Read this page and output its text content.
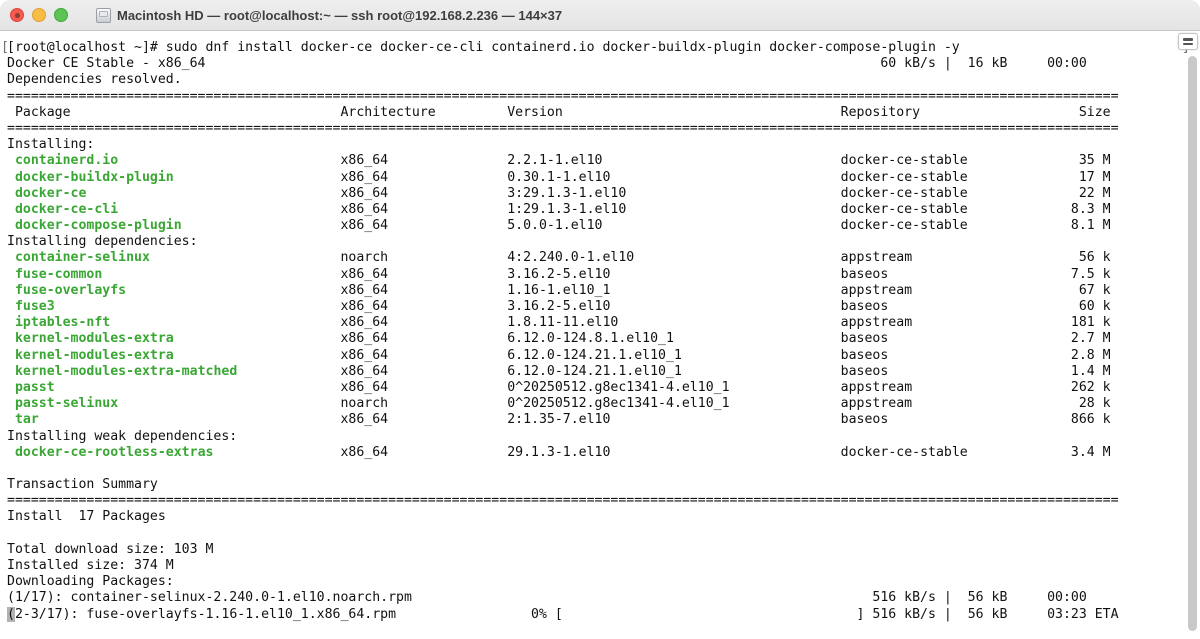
Macintosh HD — root@localhost:~ — ssh root@192.168.2.236 — 144×37
[root@localhost ~]# sudo dnf install docker-ce docker-ce-cli containerd.io docker-buildx-plugin docker-compose-plugin -y
[
Docker CE Stable - x86_64                                                                                     60 kB/s |  16 kB     00:00
Dependencies resolved.
============================================================================================================================================
Package                                  Architecture         Version                                   Repository                    Size
============================================================================================================================================
Installing:
containerd.io                            x86_64               2.2.1-1.el10                              docker-ce-stable              35 M
docker-buildx-plugin                     x86_64               0.30.1-1.el10                             docker-ce-stable              17 M
docker-ce                                x86_64               3:29.1.3-1.el10                           docker-ce-stable              22 M
docker-ce-cli                            x86_64               1:29.1.3-1.el10                           docker-ce-stable             8.3 M
docker-compose-plugin                    x86_64               5.0.0-1.el10                              docker-ce-stable             8.1 M
Installing dependencies:
container-selinux                        noarch               4:2.240.0-1.el10                          appstream                     56 k
fuse-common                              x86_64               3.16.2-5.el10                             baseos                       7.5 k
fuse-overlayfs                           x86_64               1.16-1.el10_1                             appstream                     67 k
fuse3                                    x86_64               3.16.2-5.el10                             baseos                        60 k
iptables-nft                             x86_64               1.8.11-11.el10                            appstream                    181 k
kernel-modules-extra                     x86_64               6.12.0-124.8.1.el10_1                     baseos                       2.7 M
kernel-modules-extra                     x86_64               6.12.0-124.21.1.el10_1                    baseos                       2.8 M
kernel-modules-extra-matched             x86_64               6.12.0-124.21.1.el10_1                    baseos                       1.4 M
passt                                    x86_64               0^20250512.g8ec1341-4.el10_1              appstream                    262 k
passt-selinux                            noarch               0^20250512.g8ec1341-4.el10_1              appstream                     28 k
tar                                      x86_64               2:1.35-7.el10                             baseos                       866 k
Installing weak dependencies:
docker-ce-rootless-extras                x86_64               29.1.3-1.el10                             docker-ce-stable             3.4 M

Transaction Summary
============================================================================================================================================
Install  17 Packages

Total download size: 103 M
Installed size: 374 M
Downloading Packages:
(1/17): container-selinux-2.240.0-1.el10.noarch.rpm                                                          516 kB/s |  56 kB     00:00
(2-3/17): fuse-overlayfs-1.16-1.el10_1.x86_64.rpm                 0% [                                     ] 516 kB/s |  56 kB     03:23 ETA
